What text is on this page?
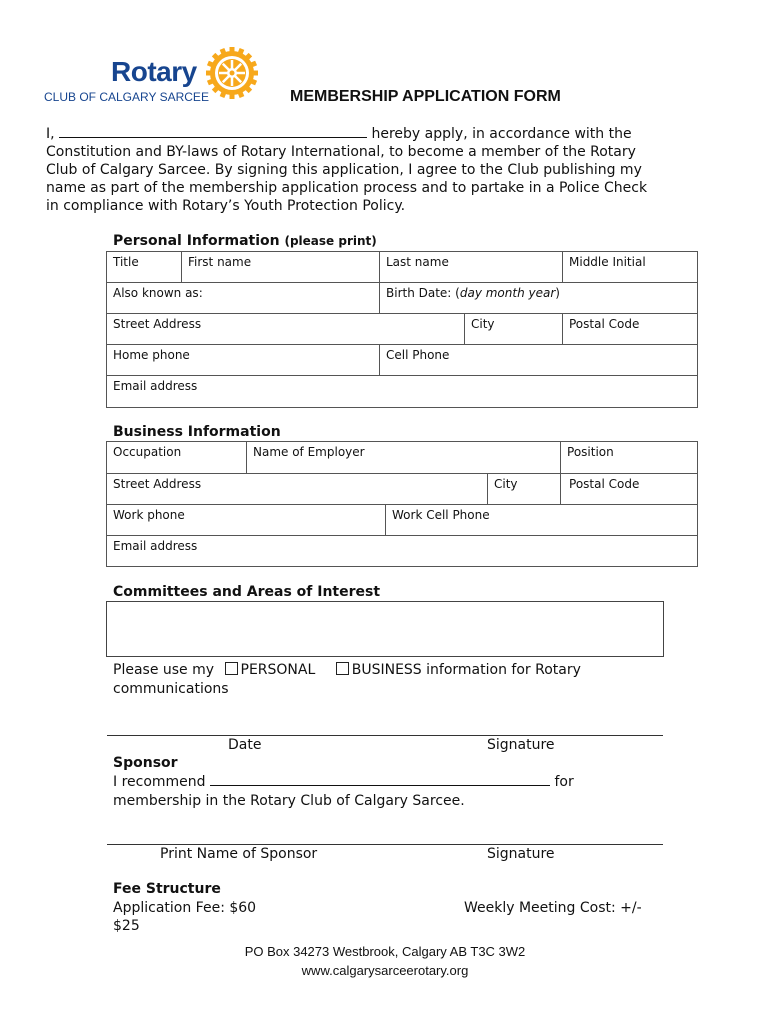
Rotary
CLUB OF CALGARY SARCEE	MEMBERSHIP APPLICATION FORM
I,	hereby apply, in accordance with the
Constitution and BY-laws of Rotary International, to become a member of the Rotary
Club of Calgary Sarcee. By signing this application, I agree to the Club publishing my
name as part of the membership application process and to partake in a Police Check
in compliance with Rotary’s Youth Protection Policy.
Personal Information (please print)
Title	First name	Last name		Middle Initial
Also known as:		Birth Date: (day month year)		
Street Address			City	Postal Code
Home phone		Cell Phone		
Email address				
Business Information
Occupation	Name of Employer			Position
Street Address			City	Postal Code
Work phone		Work Cell Phone		
Email address				
Committees and Areas of Interest
Please use my PERSONAL	BUSINESS information for Rotary
communications
Date	Signature
Sponsor
I recommend	for
membership in the Rotary Club of Calgary Sarcee.
Print Name of Sponsor	Signature
Fee Structure
Application Fee: $60	Weekly Meeting Cost: +/-
$25
PO Box 34273 Westbrook, Calgary AB T3C 3W2
www.calgarysarceerotary.org
